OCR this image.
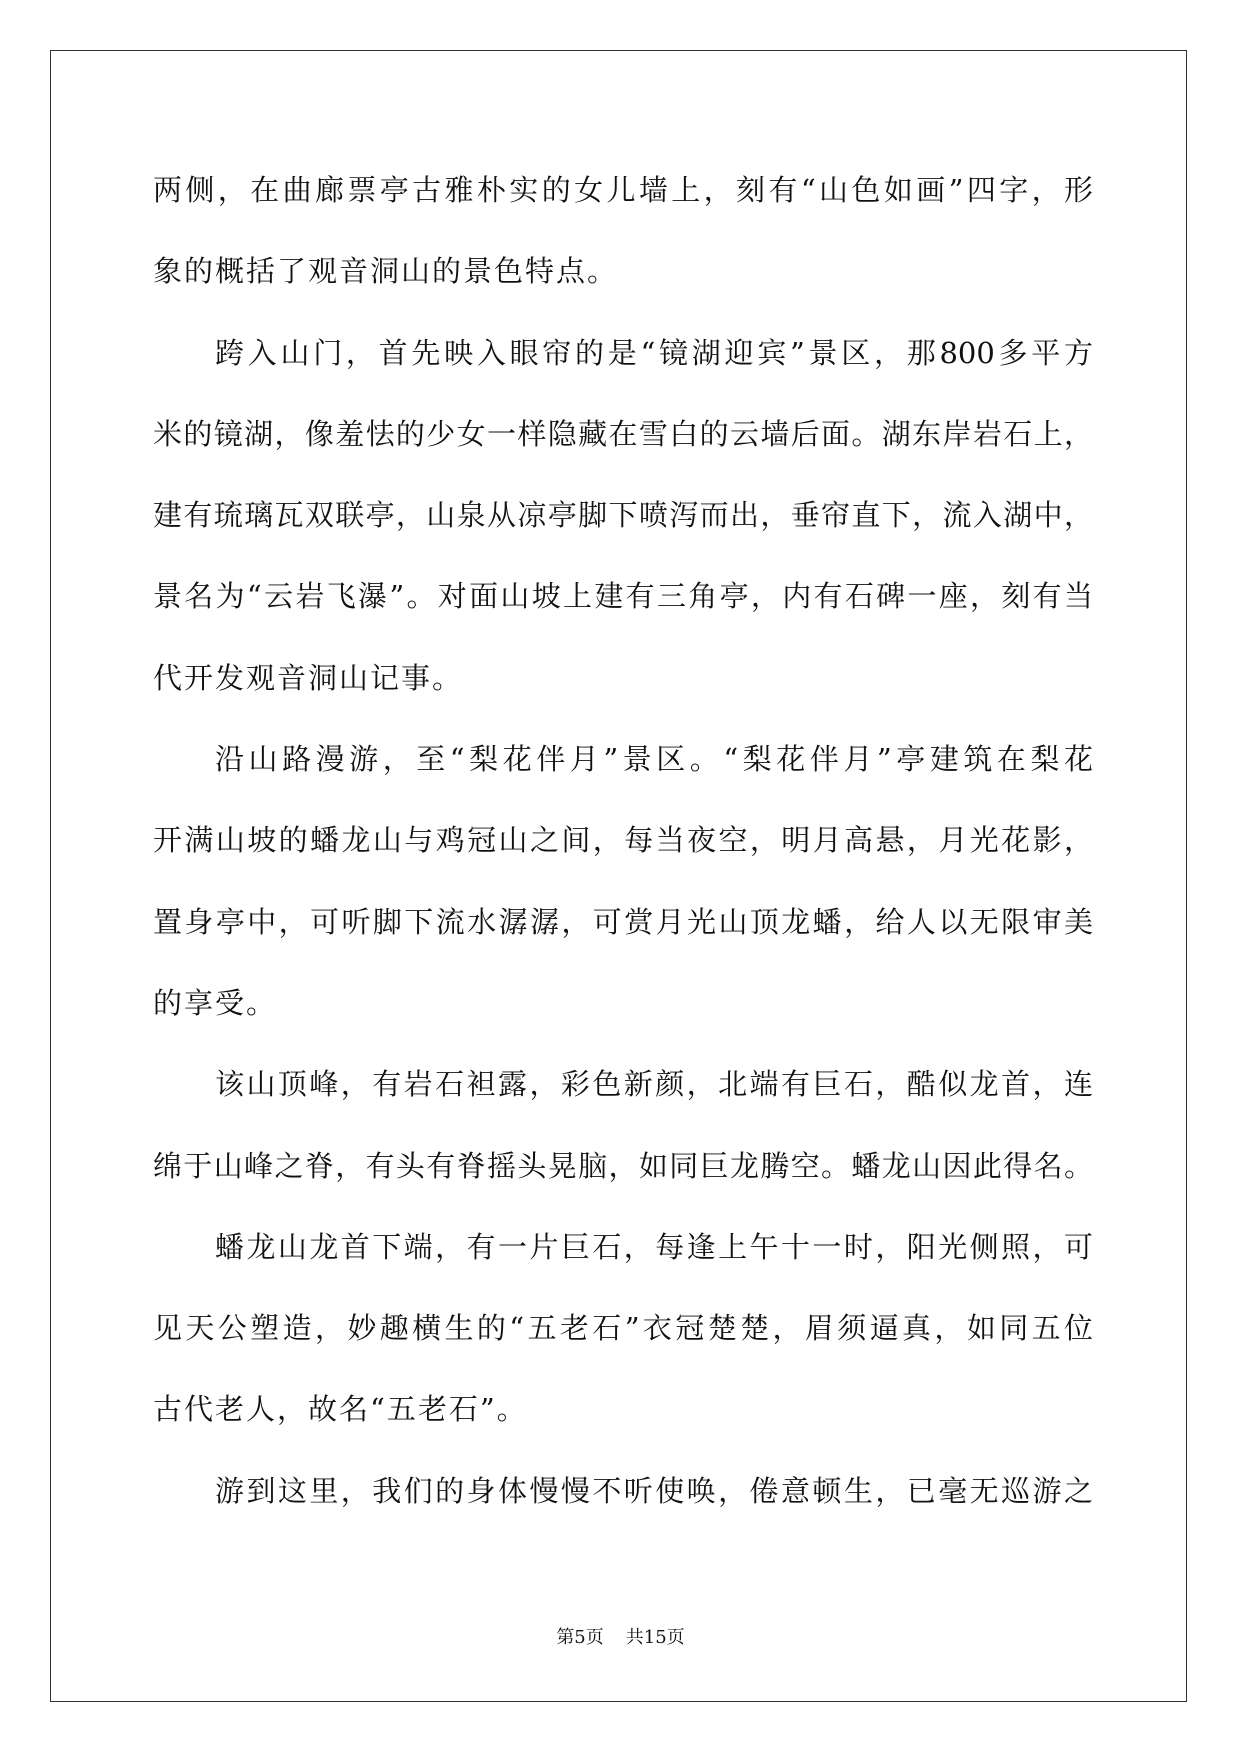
两侧，在曲廊票亭古雅朴实的女儿墙上，刻有“山色如画”四字，形
象的概括了观音洞山的景色特点。
跨入山门，首先映入眼帘的是“镜湖迎宾”景区，那800多平方
米的镜湖，像羞怯的少女一样隐藏在雪白的云墙后面。湖东岸岩石上，
建有琉璃瓦双联亭，山泉从凉亭脚下喷泻而出，垂帘直下，流入湖中，
景名为“云岩飞瀑”。对面山坡上建有三角亭，内有石碑一座，刻有当
代开发观音洞山记事。
沿山路漫游，至“梨花伴月”景区。“梨花伴月”亭建筑在梨花
开满山坡的蟠龙山与鸡冠山之间，每当夜空，明月高悬，月光花影，
置身亭中，可听脚下流水潺潺，可赏月光山顶龙蟠，给人以无限审美
的享受。
该山顶峰，有岩石袒露，彩色新颜，北端有巨石，酷似龙首，连
绵于山峰之脊，有头有脊摇头晃脑，如同巨龙腾空。蟠龙山因此得名。
蟠龙山龙首下端，有一片巨石，每逢上午十一时，阳光侧照，可
见天公塑造，妙趣横生的“五老石”衣冠楚楚，眉须逼真，如同五位
古代老人，故名“五老石”。
游到这里，我们的身体慢慢不听使唤，倦意顿生，已毫无巡游之
第5页 共15页
